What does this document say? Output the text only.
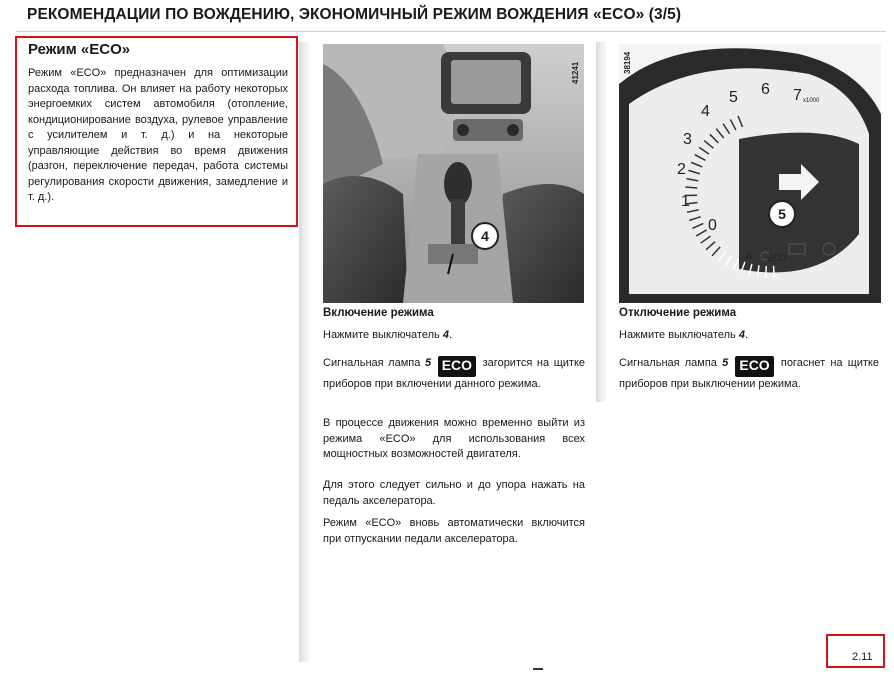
РЕКОМЕНДАЦИИ ПО ВОЖДЕНИЮ, ЭКОНОМИЧНЫЙ РЕЖИМ ВОЖДЕНИЯ «ECO» (3/5)
Режим «ECO»
Режим «ECO» предназначен для оптимизации расхода топлива. Он влияет на работу некоторых энергоемких систем автомобиля (отопление, кондиционирование воздуха, рулевое управление с усилителем и т. д.) и на некоторые управляющие действия во время движения (разгон, переключение передач, работа системы регулирования скорости движения, замедление и т. д.).
41241
4
0
1
2
3
4
5 6 7 x1000
ECO
A
38194
5
Включение режима
Нажмите выключатель 4.
Сигнальная лампа 5 ECO загорится на щитке приборов при включении данного режима.
В процессе движения можно временно выйти из режима «ECO» для использования всех мощностных возможностей двигателя.
Для этого следует сильно и до упора нажать на педаль акселератора.
Режим «ECO» вновь автоматически включится при отпускании педали акселератора.
Отключение режима
Нажмите выключатель 4.
Сигнальная лампа 5 ECO погаснет на щитке приборов при выключении режима.
2.11
